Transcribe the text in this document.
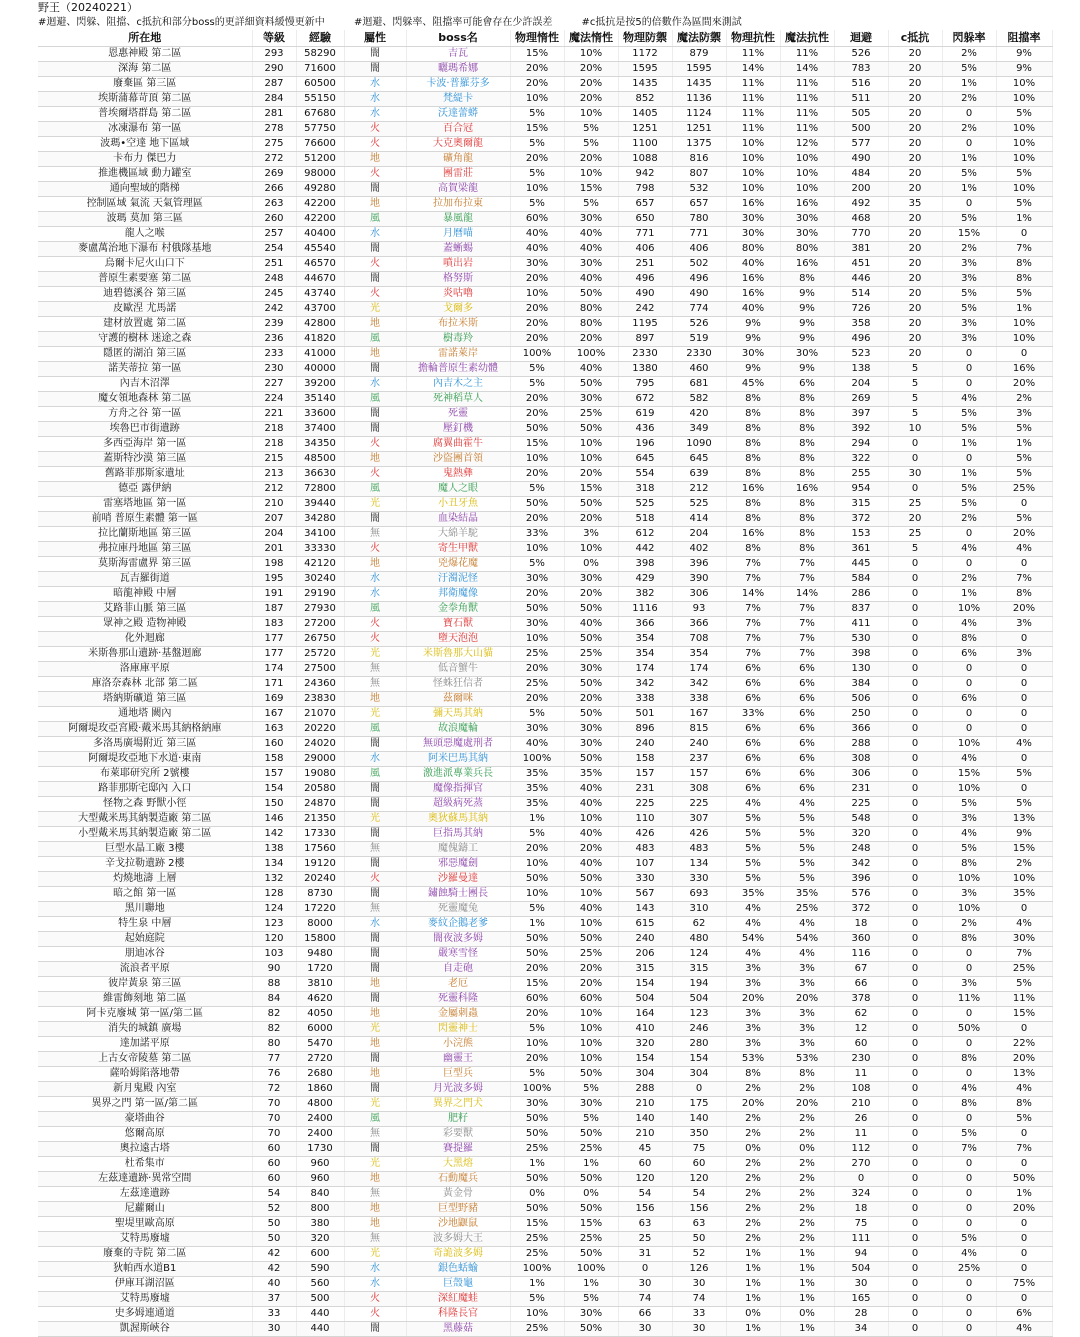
野王（20240221）
#迴避、閃躲、阻擋、c抵抗和部分boss的更詳細資料緩慢更新中	#迴避、閃躲率、阻擋率可能會存在少許誤差	#c抵抗是按5的倍數作為區間來測試
所在地	等級	經驗	屬性	boss名	物理惰性	魔法惰性	物理防禦	魔法防禦	物理抗性	魔法抗性	迴避	c抵抗	閃躲率	阻擋率
恩惠神殿 第二區	293	58290	闇	吉瓦	15%	10%	1172	879	11%	11%	526	20	2%	9%
深海 第二區	290	71600	闇	曬瑪希娜	20%	20%	1595	1595	14%	14%	783	20	5%	9%
廢棄區 第三區	287	60500	水	卡波·普羅芬多	20%	20%	1435	1435	11%	11%	516	20	1%	10%
埃斯蒲幕苛頂 第二區	284	55150	水	梵緹卡	10%	20%	852	1136	11%	11%	511	20	2%	10%
普埃爾塔群島 第二區	281	67680	水	沃達蕾蟒	5%	10%	1405	1124	11%	11%	505	20	0	5%
冰凍瀑布 第一區	278	57750	火	百合冠	15%	5%	1251	1251	11%	11%	500	20	2%	10%
波瑪•空達 地下區域	275	76600	火	大克奧爾龍	5%	5%	1100	1375	10%	12%	577	20	0	10%
卡布力 傑巴力	272	51200	地	礦角龍	20%	20%	1088	816	10%	10%	490	20	1%	10%
推進機區域 動力罐室	269	98000	火	團雷莊	5%	10%	942	807	10%	10%	484	20	5%	5%
通向聖域的階梯	266	49280	闇	高賀梁龍	10%	15%	798	532	10%	10%	200	20	1%	10%
控制區域 氣流 天氣管理區	263	42200	地	拉加布拉東	5%	5%	657	657	16%	16%	492	35	0	5%
波瑪 莫加 第三區	260	42200	風	暴風龍	60%	30%	650	780	30%	30%	468	20	5%	1%
龍人之喉	257	40400	水	月曆喵	40%	40%	771	771	30%	30%	770	20	15%	0
麥盧萬治地下瀑布 村俄隊基地	254	45540	闇	蓋蜥蜴	40%	40%	406	406	80%	80%	381	20	2%	7%
烏爾卡尼火山口下	251	46570	火	噴出岩	30%	30%	251	502	40%	16%	451	20	3%	8%
普原生素要塞 第二區	248	44670	闇	格努斯	20%	40%	496	496	16%	8%	446	20	3%	8%
迪碧德溪谷 第三區	245	43740	火	炎咕嚕	10%	50%	490	490	16%	9%	514	20	5%	5%
皮歐涅 尤馬諾	242	43700	光	戈爾多	20%	80%	242	774	40%	9%	726	20	5%	1%
建材放置處 第二區	239	42800	地	布拉米斯	20%	80%	1195	526	9%	9%	358	20	3%	10%
守護的樹林 迷途之森	236	41820	風	樹毒羚	20%	20%	897	519	9%	9%	496	20	3%	10%
隱匿的湖泊 第三區	233	41000	地	雷諾萊岸	100%	100%	2330	2330	30%	30%	523	20	0	0
諾芙蒂拉 第一區	230	40000	闇	擔輪普原生素幼體	5%	40%	1380	460	9%	9%	138	5	0	16%
內吉木沼澤	227	39200	水	內吉木之主	5%	50%	795	681	45%	6%	204	5	0	20%
魔女領地森林 第二區	224	35140	風	死神稻草人	20%	30%	672	582	8%	8%	269	5	4%	2%
方舟之谷 第一區	221	33600	闇	死靈	20%	25%	619	420	8%	8%	397	5	5%	3%
埃魯巴市街遺跡	218	37400	闇	壓釘機	50%	50%	436	349	8%	8%	392	10	5%	5%
多西亞海岸 第一區	218	34350	火	腐翼曲霍牛	15%	10%	196	1090	8%	8%	294	0	1%	1%
蓋斯特沙漠 第三區	215	48500	地	沙盜團首領	10%	10%	645	645	8%	8%	322	0	0	5%
舊路菲那斯家遺址	213	36630	火	鬼熱彝	20%	20%	554	639	8%	8%	255	30	1%	5%
德亞 露伊納	212	72800	風	魔人之眼	5%	15%	318	212	16%	16%	954	0	5%	25%
雷塞塔地區 第一區	210	39440	光	小丑牙魚	50%	50%	525	525	8%	8%	315	25	5%	0
前哨 普原生素體 第一區	207	34280	闇	血染結晶	20%	20%	518	414	8%	8%	372	20	2%	5%
拉比蘭斯地區 第三區	204	34100	無	大綿羊駝	33%	3%	612	204	16%	8%	153	25	0	20%
弗拉庫丹地區 第三區	201	33330	火	寄生甲獸	10%	10%	442	402	8%	8%	361	5	4%	4%
莫斯海雷盧界 第三區	198	42120	地	兇爆花魔	5%	0%	398	396	7%	7%	445	0	0	0
瓦吉羅街道	195	30240	水	汙濁泥怪	30%	30%	429	390	7%	7%	584	0	2%	7%
暗龍神殿 中層	191	29190	水	邦衛魔像	20%	20%	382	306	14%	14%	286	0	1%	8%
艾路菲山脈 第三區	187	27930	風	金拳角獸	50%	50%	1116	93	7%	7%	837	0	10%	20%
眾神之殿 造物神殿	183	27200	火	寶石獸	30%	40%	366	366	7%	7%	411	0	4%	3%
化外迴廊	177	26750	火	墮天泡泡	10%	50%	354	708	7%	7%	530	0	8%	0
米斯魯那山遺跡·基盤迴廊	177	25720	光	米斯魯那大山貓	25%	25%	354	354	7%	7%	398	0	6%	3%
洛庫庫平原	174	27500	無	低音蟹牛	20%	30%	174	174	6%	6%	130	0	0	0
庫洛奈森林 北部 第二區	171	24360	無	怪蛛狂信者	25%	50%	342	342	6%	6%	384	0	0	0
塔納斯礦道 第三區	169	23830	地	茲爾咪	20%	20%	338	338	6%	6%	506	0	6%	0
通地塔 闕內	167	21070	光	彌天馬其納	5%	50%	501	167	33%	6%	250	0	0	0
阿爾堤玫亞宮殿·戴米馬其納格納庫	163	20220	風	故浪魔輪	30%	30%	896	815	6%	6%	366	0	0	0
多洛馬廣場附近 第三區	160	24020	闇	無頭惡魔處刑者	40%	30%	240	240	6%	6%	288	0	10%	4%
阿爾堤玫亞地下水道·東南	158	29000	水	阿米巴馬其納	100%	50%	158	237	6%	6%	308	0	4%	0
布萊耶研究所 2號樓	157	19080	風	激進派專業兵長	35%	35%	157	157	6%	6%	306	0	15%	5%
路菲那斯宅邸內 入口	154	20580	闇	魔像指揮官	35%	40%	231	308	6%	6%	231	0	10%	0
怪物之森 野獸小徑	150	24870	闇	超級病死蒸	35%	40%	225	225	4%	4%	225	0	5%	5%
大型戴米馬其納製造廠 第二區	146	21350	光	奧狄蘇馬其納	1%	10%	110	307	5%	5%	548	0	3%	13%
小型戴米馬其納製造廠 第二區	142	17330	闇	巨指馬其納	5%	40%	426	426	5%	5%	320	0	4%	9%
巨型水晶工廠 3樓	138	17560	無	魔傀鑄工	20%	20%	483	483	5%	5%	248	0	5%	15%
辛戈拉勒遺跡 2樓	134	19120	闇	邪惡魔劍	10%	40%	107	134	5%	5%	342	0	8%	2%
灼燒地濤 上層	132	20240	火	沙羅曼達	50%	50%	330	330	5%	5%	396	0	10%	10%
暗之館 第一區	128	8730	闇	鏽蝕騎士團長	10%	10%	567	693	35%	35%	576	0	3%	35%
黑川聯地	124	17220	無	死靈魔兔	5%	40%	143	310	4%	25%	372	0	10%	0
特生泉 中層	123	8000	水	麥紋企鵝老爹	1%	10%	615	62	4%	4%	18	0	2%	4%
起始庭院	120	15800	闇	闇夜波多姆	50%	50%	240	480	54%	54%	360	0	8%	30%
朋迪冰谷	103	9480	闇	嚴寒雪怪	50%	25%	206	124	4%	4%	116	0	0	7%
流浪者平原	90	1720	闇	自走砲	20%	20%	315	315	3%	3%	67	0	0	25%
彼岸黃泉 第三區	88	3810	地	老厄	15%	20%	154	194	3%	3%	66	0	3%	5%
維雷飾刻地 第二區	84	4620	闇	死靈科隆	60%	60%	504	504	20%	20%	378	0	11%	11%
阿卡克廢城 第一區/第二區	82	4050	地	金屬刺蟲	20%	10%	164	123	3%	3%	62	0	0	15%
消失的城鎮 廣場	82	6000	光	閃靈神士	5%	10%	410	246	3%	3%	12	0	50%	0
達加諾平原	80	5470	地	小浣熊	10%	10%	320	280	3%	3%	60	0	0	22%
上古女帝陵墓 第二區	77	2720	闇	幽靈王	20%	10%	154	154	53%	53%	230	0	8%	20%
薩哈姆陷落地帶	76	2680	地	巨型兵	5%	50%	304	304	8%	8%	11	0	0	13%
新月鬼殿 內室	72	1860	闇	月光波多姆	100%	5%	288	0	2%	2%	108	0	4%	4%
異界之門 第一區/第二區	70	4800	光	異界之門犬	30%	30%	210	175	20%	20%	210	0	8%	8%
豪塔曲谷	70	2400	風	肥籽	50%	5%	140	140	2%	2%	26	0	0	5%
悠爾高原	70	2400	無	彩要獸	50%	50%	210	350	2%	2%	11	0	5%	0
奧拉遠古塔	60	1730	闇	賽提羅	25%	25%	45	75	0%	0%	112	0	7%	7%
杜希集市	60	960	光	大黑熔	1%	1%	60	60	2%	2%	270	0	0	0
左茲達遺跡·異常空間	60	960	地	石動魔兵	50%	50%	120	120	2%	2%	0	0	0	50%
左茲達遺跡	54	840	無	黃金骨	0%	0%	54	54	2%	2%	324	0	0	1%
尼蘿爾山	52	800	地	巨型野豬	50%	50%	156	156	2%	2%	18	0	0	20%
聖堤里歐高原	50	380	地	沙地鼴鼠	15%	15%	63	63	2%	2%	75	0	0	0
艾特馬廢墟	50	320	無	波多姆大王	25%	25%	25	50	2%	2%	111	0	5%	0
廢棄的寺院 第二區	42	600	光	奇詭波多姆	25%	50%	31	52	1%	1%	94	0	4%	0
狄帕西水道B1	42	590	水	銀色蛞蝓	100%	100%	0	126	1%	1%	504	0	25%	0
伊庫耳湖沼區	40	560	水	巨殼龜	1%	1%	30	30	1%	1%	30	0	0	75%
艾特馬廢墟	37	500	火	深紅魔蛙	5%	5%	74	74	1%	1%	165	0	0	0
史多姆連通道	33	440	火	科隆長官	10%	30%	66	33	0%	0%	28	0	0	6%
凱渥斯峽谷	30	440	闇	黑藤菇	25%	50%	30	30	1%	1%	34	0	0	4%
